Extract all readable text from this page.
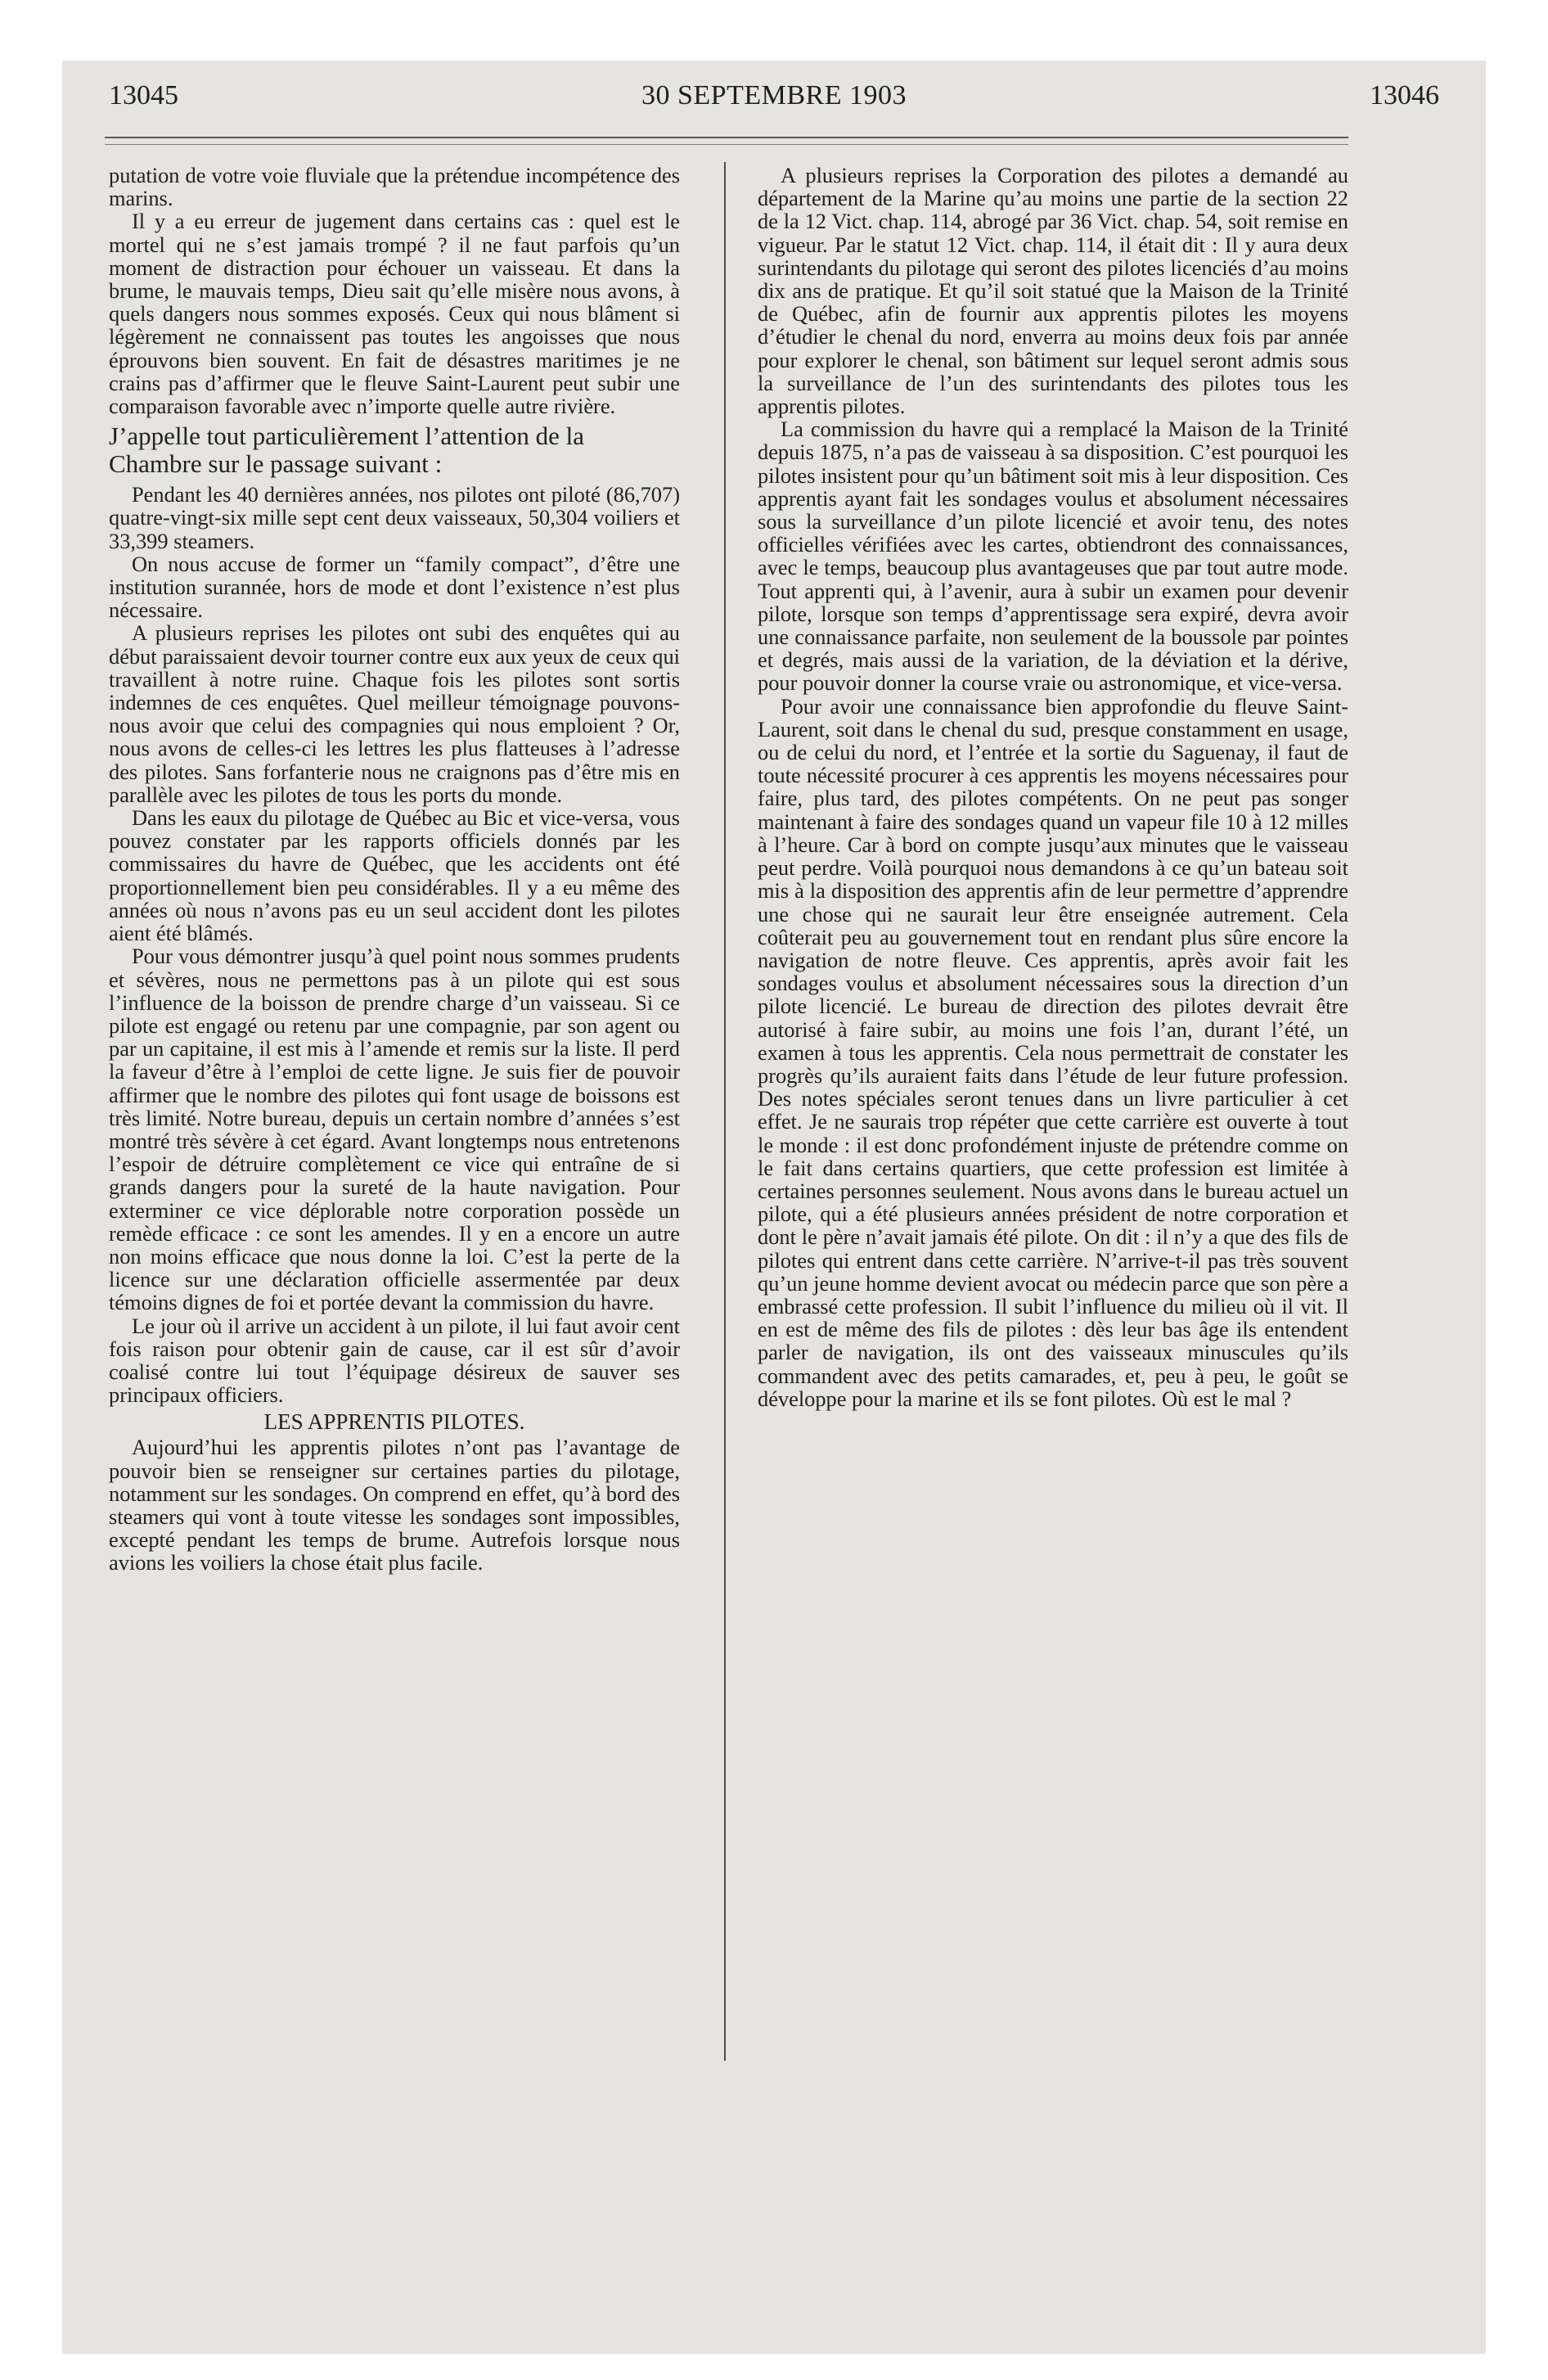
13045	30 SEPTEMBRE 1903	13046

putation de votre voie fluviale que la prétendue incompétence des marins.

Il y a eu erreur de jugement dans certains cas : quel est le mortel qui ne s’est jamais trompé ? il ne faut parfois qu’un moment de distraction pour échouer un vaisseau. Et dans la brume, le mauvais temps, Dieu sait qu’elle misère nous avons, à quels dangers nous sommes exposés. Ceux qui nous blâment si légèrement ne connaissent pas toutes les angoisses que nous éprouvons bien souvent. En fait de désastres maritimes je ne crains pas d’affirmer que le fleuve Saint-Laurent peut subir une comparaison favorable avec n’importe quelle autre rivière.

J’appelle tout particulièrement l’attention de la Chambre sur le passage suivant :

Pendant les 40 dernières années, nos pilotes ont piloté (86,707) quatre-vingt-six mille sept cent deux vaisseaux, 50,304 voiliers et 33,399 steamers.

On nous accuse de former un “family compact”, d’être une institution surannée, hors de mode et dont l’existence n’est plus nécessaire.

A plusieurs reprises les pilotes ont subi des enquêtes qui au début paraissaient devoir tourner contre eux aux yeux de ceux qui travaillent à notre ruine. Chaque fois les pilotes sont sortis indemnes de ces enquêtes. Quel meilleur témoignage pouvons-nous avoir que celui des compagnies qui nous emploient ? Or, nous avons de celles-ci les lettres les plus flatteuses à l’adresse des pilotes. Sans forfanterie nous ne craignons pas d’être mis en parallèle avec les pilotes de tous les ports du monde.

Dans les eaux du pilotage de Québec au Bic et vice-versa, vous pouvez constater par les rapports officiels donnés par les commissaires du havre de Québec, que les accidents ont été proportionnellement bien peu considérables. Il y a eu même des années où nous n’avons pas eu un seul accident dont les pilotes aient été blâmés.

Pour vous démontrer jusqu’à quel point nous sommes prudents et sévères, nous ne permettons pas à un pilote qui est sous l’influence de la boisson de prendre charge d’un vaisseau. Si ce pilote est engagé ou retenu par une compagnie, par son agent ou par un capitaine, il est mis à l’amende et remis sur la liste. Il perd la faveur d’être à l’emploi de cette ligne. Je suis fier de pouvoir affirmer que le nombre des pilotes qui font usage de boissons est très limité. Notre bureau, depuis un certain nombre d’années s’est montré très sévère à cet égard. Avant longtemps nous entretenons l’espoir de détruire complètement ce vice qui entraîne de si grands dangers pour la sureté de la haute navigation. Pour exterminer ce vice déplorable notre corporation possède un remède efficace : ce sont les amendes. Il y en a encore un autre non moins efficace que nous donne la loi. C’est la perte de la licence sur une déclaration officielle assermentée par deux témoins dignes de foi et portée devant la commission du havre.

Le jour où il arrive un accident à un pilote, il lui faut avoir cent fois raison pour obtenir gain de cause, car il est sûr d’avoir coalisé contre lui tout l’équipage désireux de sauver ses principaux officiers.

LES APPRENTIS PILOTES.

Aujourd’hui les apprentis pilotes n’ont pas l’avantage de pouvoir bien se renseigner sur certaines parties du pilotage, notamment sur les sondages. On comprend en effet, qu’à bord des steamers qui vont à toute vitesse les sondages sont impossibles, excepté pendant les temps de brume. Autrefois lorsque nous avions les voiliers la chose était plus facile.

A plusieurs reprises la Corporation des pilotes a demandé au département de la Marine qu’au moins une partie de la section 22 de la 12 Vict. chap. 114, abrogé par 36 Vict. chap. 54, soit remise en vigueur. Par le statut 12 Vict. chap. 114, il était dit : Il y aura deux surintendants du pilotage qui seront des pilotes licenciés d’au moins dix ans de pratique. Et qu’il soit statué que la Maison de la Trinité de Québec, afin de fournir aux apprentis pilotes les moyens d’étudier le chenal du nord, enverra au moins deux fois par année pour explorer le chenal, son bâtiment sur lequel seront admis sous la surveillance de l’un des surintendants des pilotes tous les apprentis pilotes.

La commission du havre qui a remplacé la Maison de la Trinité depuis 1875, n’a pas de vaisseau à sa disposition. C’est pourquoi les pilotes insistent pour qu’un bâtiment soit mis à leur disposition. Ces apprentis ayant fait les sondages voulus et absolument nécessaires sous la surveillance d’un pilote licencié et avoir tenu, des notes officielles vérifiées avec les cartes, obtiendront des connaissances, avec le temps, beaucoup plus avantageuses que par tout autre mode. Tout apprenti qui, à l’avenir, aura à subir un examen pour devenir pilote, lorsque son temps d’apprentissage sera expiré, devra avoir une connaissance parfaite, non seulement de la boussole par pointes et degrés, mais aussi de la variation, de la déviation et la dérive, pour pouvoir donner la course vraie ou astronomique, et vice-versa.

Pour avoir une connaissance bien approfondie du fleuve Saint-Laurent, soit dans le chenal du sud, presque constamment en usage, ou de celui du nord, et l’entrée et la sortie du Saguenay, il faut de toute nécessité procurer à ces apprentis les moyens nécessaires pour faire, plus tard, des pilotes compétents. On ne peut pas songer maintenant à faire des sondages quand un vapeur file 10 à 12 milles à l’heure. Car à bord on compte jusqu’aux minutes que le vaisseau peut perdre. Voilà pourquoi nous demandons à ce qu’un bateau soit mis à la disposition des apprentis afin de leur permettre d’apprendre une chose qui ne saurait leur être enseignée autrement. Cela coûterait peu au gouvernement tout en rendant plus sûre encore la navigation de notre fleuve. Ces apprentis, après avoir fait les sondages voulus et absolument nécessaires sous la direction d’un pilote licencié. Le bureau de direction des pilotes devrait être autorisé à faire subir, au moins une fois l’an, durant l’été, un examen à tous les apprentis. Cela nous permettrait de constater les progrès qu’ils auraient faits dans l’étude de leur future profession. Des notes spéciales seront tenues dans un livre particulier à cet effet. Je ne saurais trop répéter que cette carrière est ouverte à tout le monde : il est donc profondément injuste de prétendre comme on le fait dans certains quartiers, que cette profession est limitée à certaines personnes seulement. Nous avons dans le bureau actuel un pilote, qui a été plusieurs années président de notre corporation et dont le père n’avait jamais été pilote. On dit : il n’y a que des fils de pilotes qui entrent dans cette carrière. N’arrive-t-il pas très souvent qu’un jeune homme devient avocat ou médecin parce que son père a embrassé cette profession. Il subit l’influence du milieu où il vit. Il en est de même des fils de pilotes : dès leur bas âge ils entendent parler de navigation, ils ont des vaisseaux minuscules qu’ils commandent avec des petits camarades, et, peu à peu, le goût se développe pour la marine et ils se font pilotes. Où est le mal ?
